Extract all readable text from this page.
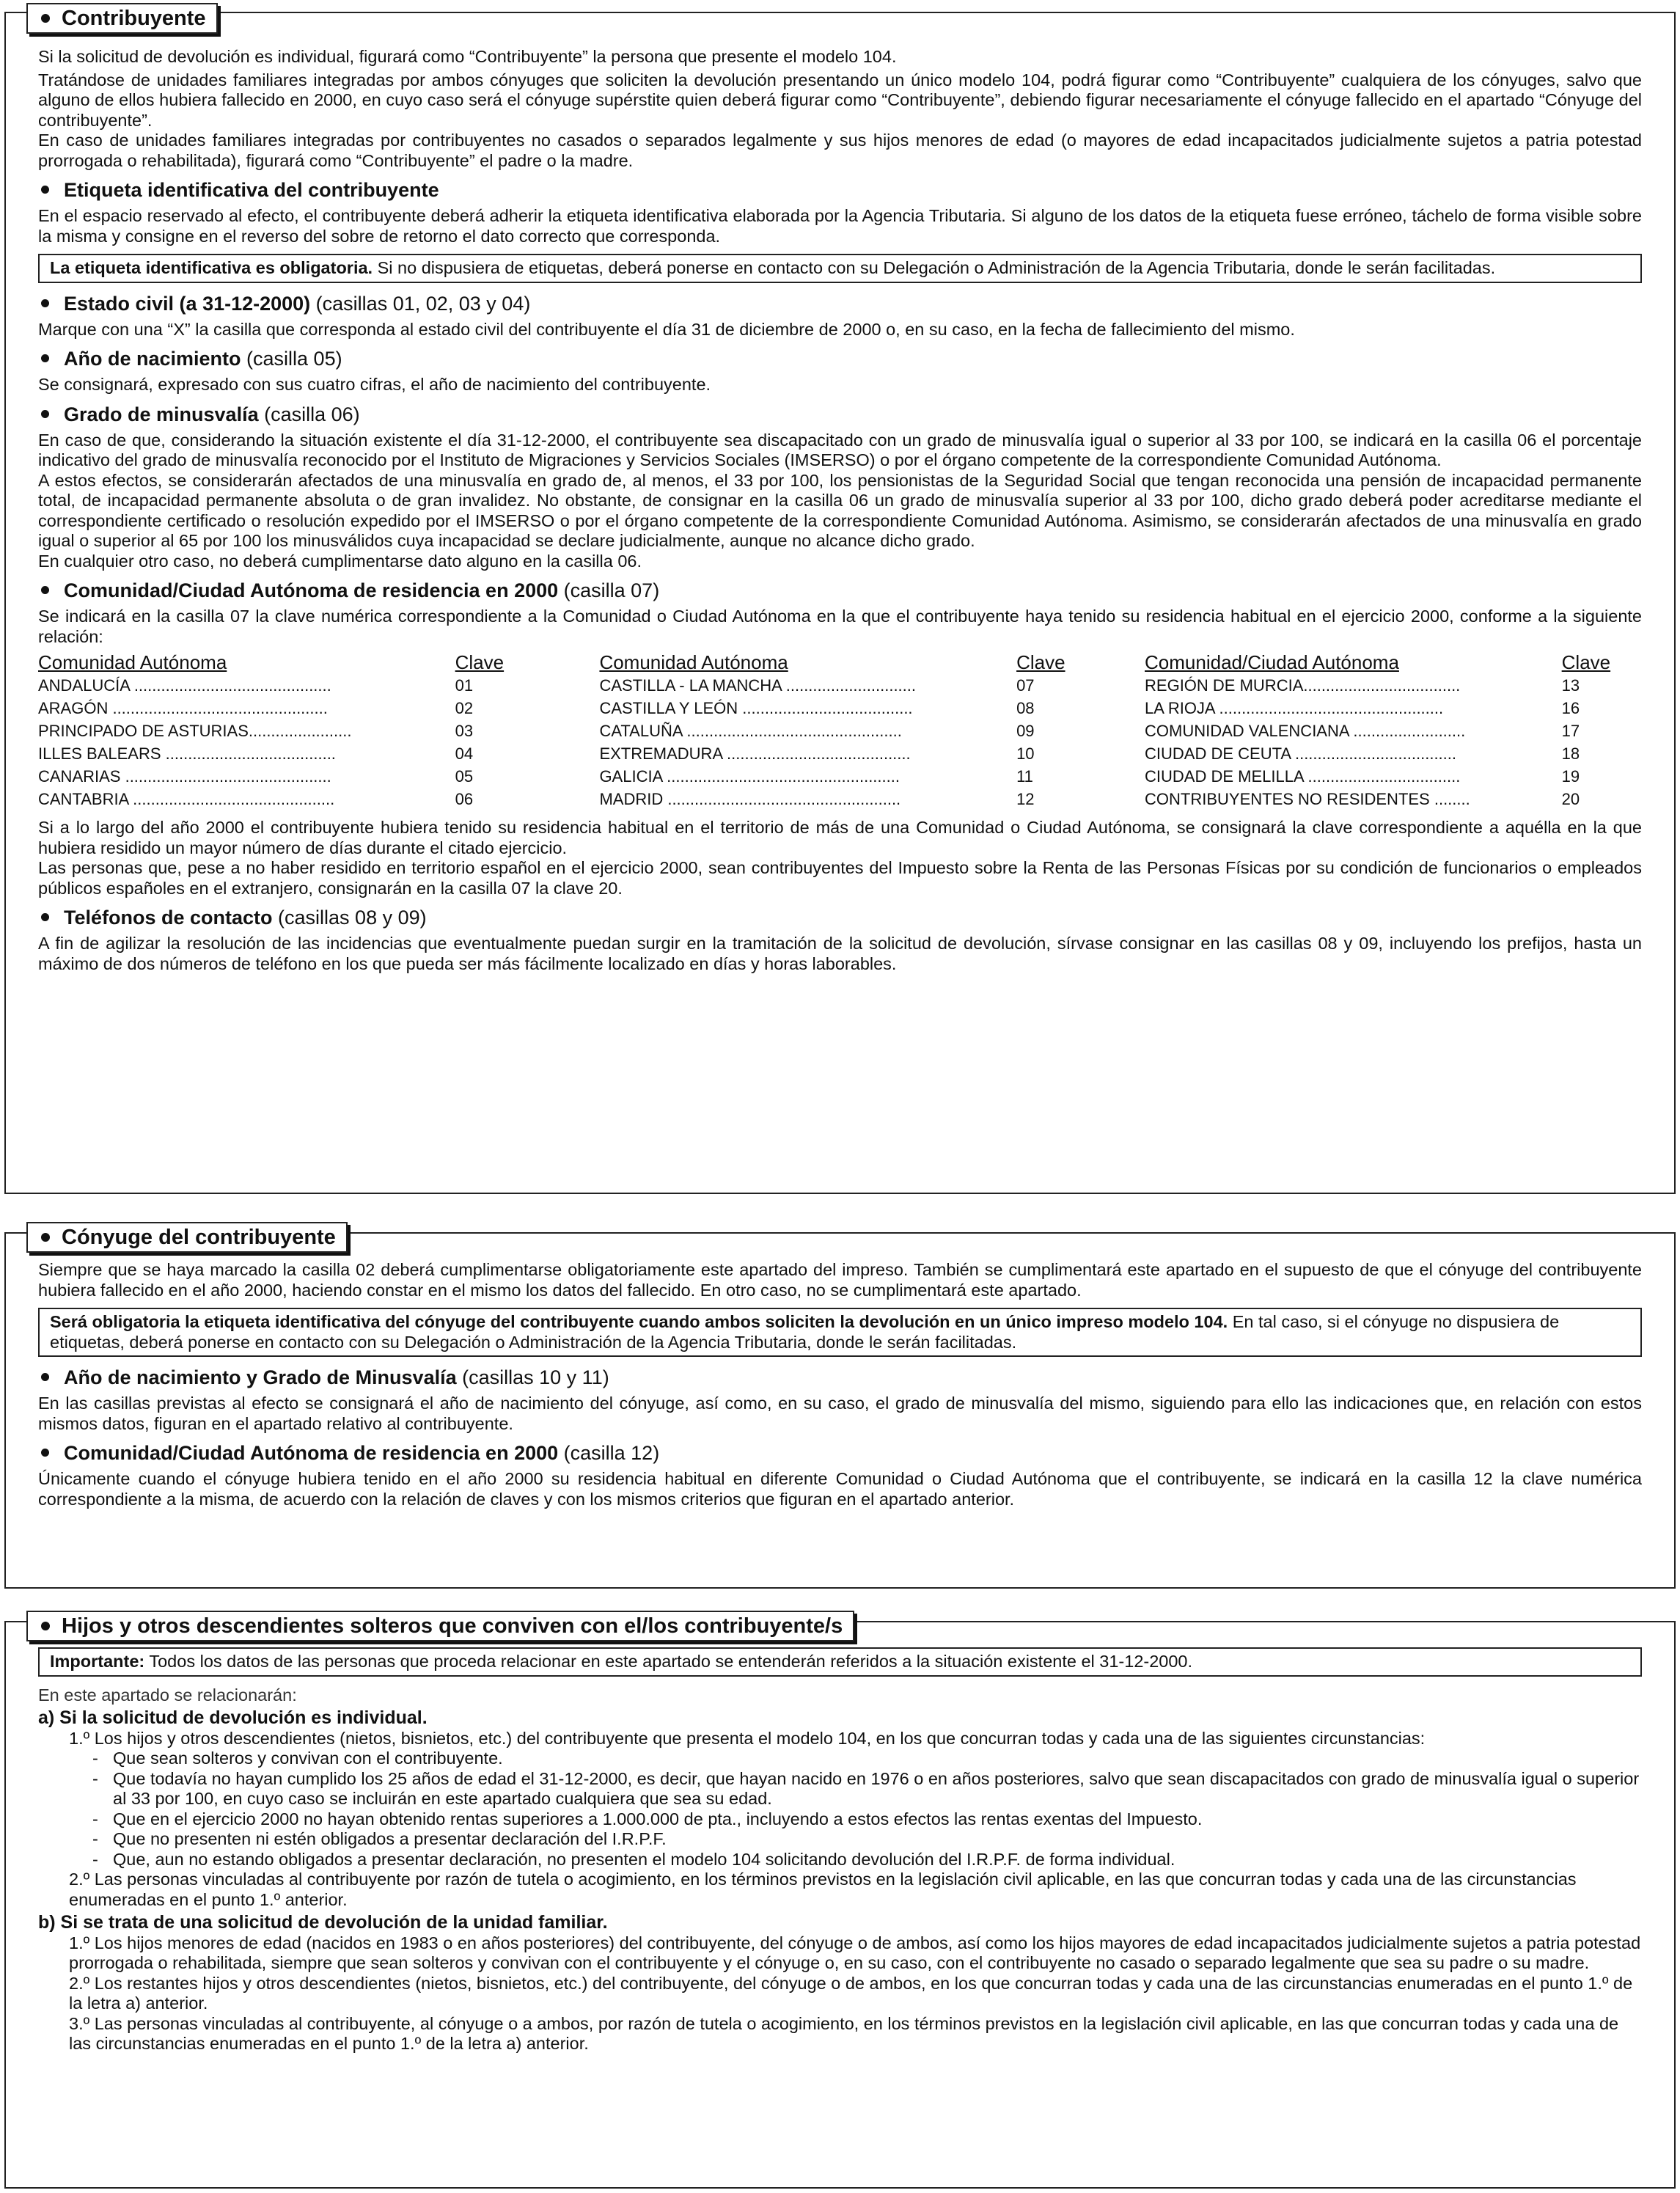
Contribuyente

Si la solicitud de devolución es individual, figurará como “Contribuyente” la persona que presente el modelo 104.

Tratándose de unidades familiares integradas por ambos cónyuges que soliciten la devolución presentando un único modelo 104, podrá figurar como “Contribuyente” cualquiera de los cónyuges, salvo que alguno de ellos hubiera fallecido en 2000, en cuyo caso será el cónyuge supérstite quien deberá figurar como “Contribuyente”, debiendo figurar necesariamente el cónyuge fallecido en el apartado “Cónyuge del contribuyente”.

En caso de unidades familiares integradas por contribuyentes no casados o separados legalmente y sus hijos menores de edad (o mayores de edad incapacitados judicialmente sujetos a patria potestad prorrogada o rehabilitada), figurará como “Contribuyente” el padre o la madre.

Etiqueta identificativa del contribuyente

En el espacio reservado al efecto, el contribuyente deberá adherir la etiqueta identificativa elaborada por la Agencia Tributaria. Si alguno de los datos de la etiqueta fuese erróneo, táchelo de forma visible sobre la misma y consigne en el reverso del sobre de retorno el dato correcto que corresponda.

La etiqueta identificativa es obligatoria. Si no dispusiera de etiquetas, deberá ponerse en contacto con su Delegación o Administración de la Agencia Tributaria, donde le serán facilitadas.
Estado civil (a 31-12-2000) (casillas 01, 02, 03 y 04)

Marque con una “X” la casilla que corresponda al estado civil del contribuyente el día 31 de diciembre de 2000 o, en su caso, en la fecha de fallecimiento del mismo.

Año de nacimiento (casilla 05)

Se consignará, expresado con sus cuatro cifras, el año de nacimiento del contribuyente.

Grado de minusvalía (casilla 06)

En caso de que, considerando la situación existente el día 31-12-2000, el contribuyente sea discapacitado con un grado de minusvalía igual o superior al 33 por 100, se indicará en la casilla 06 el porcentaje indicativo del grado de minusvalía reconocido por el Instituto de Migraciones y Servicios Sociales (IMSERSO) o por el órgano competente de la correspondiente Comunidad Autónoma.

A estos efectos, se considerarán afectados de una minusvalía en grado de, al menos, el 33 por 100, los pensionistas de la Seguridad Social que tengan reconocida una pensión de incapacidad permanente total, de incapacidad permanente absoluta o de gran invalidez. No obstante, de consignar en la casilla 06 un grado de minusvalía superior al 33 por 100, dicho grado deberá poder acreditarse mediante el correspondiente certificado o resolución expedido por el IMSERSO o por el órgano competente de la correspondiente Comunidad Autónoma. Asimismo, se considerarán afectados de una minusvalía en grado igual o superior al 65 por 100 los minusválidos cuya incapacidad se declare judicialmente, aunque no alcance dicho grado.

En cualquier otro caso, no deberá cumplimentarse dato alguno en la casilla 06.

Comunidad/Ciudad Autónoma de residencia en 2000 (casilla 07)

Se indicará en la casilla 07 la clave numérica correspondiente a la Comunidad o Ciudad Autónoma en la que el contribuyente haya tenido su residencia habitual en el ejercicio 2000, conforme a la siguiente relación:

Comunidad Autónoma	Clave		Comunidad Autónoma	Clave		Comunidad/Ciudad Autónoma	Clave
ANDALUCÍA ............................................	01		CASTILLA - LA MANCHA .............................	07		REGIÓN DE MURCIA...................................	13
ARAGÓN ................................................	02		CASTILLA Y LEÓN ......................................	08		LA RIOJA ..................................................	16
PRINCIPADO DE ASTURIAS.......................	03		CATALUÑA ................................................	09		COMUNIDAD VALENCIANA .........................	17
ILLES BALEARS ......................................	04		EXTREMADURA .........................................	10		CIUDAD DE CEUTA ....................................	18
CANARIAS ..............................................	05		GALICIA ....................................................	11		CIUDAD DE MELILLA ..................................	19
CANTABRIA .............................................	06		MADRID ....................................................	12		CONTRIBUYENTES NO RESIDENTES ........	20

Si a lo largo del año 2000 el contribuyente hubiera tenido su residencia habitual en el territorio de más de una Comunidad o Ciudad Autónoma, se consignará la clave correspondiente a aquélla en la que hubiera residido un mayor número de días durante el citado ejercicio.

Las personas que, pese a no haber residido en territorio español en el ejercicio 2000, sean contribuyentes del Impuesto sobre la Renta de las Personas Físicas por su condición de funcionarios o empleados públicos españoles en el extranjero, consignarán en la casilla 07 la clave 20.

Teléfonos de contacto (casillas 08 y 09)

A fin de agilizar la resolución de las incidencias que eventualmente puedan surgir en la tramitación de la solicitud de devolución, sírvase consignar en las casillas 08 y 09, incluyendo los prefijos, hasta un máximo de dos números de teléfono en los que pueda ser más fácilmente localizado en días y horas laborables.

Cónyuge del contribuyente

Siempre que se haya marcado la casilla 02 deberá cumplimentarse obligatoriamente este apartado del impreso. También se cumplimentará este apartado en el supuesto de que el cónyuge del contribuyente hubiera fallecido en el año 2000, haciendo constar en el mismo los datos del fallecido. En otro caso, no se cumplimentará este apartado.

Será obligatoria la etiqueta identificativa del cónyuge del contribuyente cuando ambos soliciten la devolución en un único impreso modelo 104. En tal caso, si el cónyuge no dispusiera de etiquetas, deberá ponerse en contacto con su Delegación o Administración de la Agencia Tributaria, donde le serán facilitadas.
Año de nacimiento y Grado de Minusvalía (casillas 10 y 11)

En las casillas previstas al efecto se consignará el año de nacimiento del cónyuge, así como, en su caso, el grado de minusvalía del mismo, siguiendo para ello las indicaciones que, en relación con estos mismos datos, figuran en el apartado relativo al contribuyente.

Comunidad/Ciudad Autónoma de residencia en 2000 (casilla 12)

Únicamente cuando el cónyuge hubiera tenido en el año 2000 su residencia habitual en diferente Comunidad o Ciudad Autónoma que el contribuyente, se indicará en la casilla 12 la clave numérica correspondiente a la misma, de acuerdo con la relación de claves y con los mismos criterios que figuran en el apartado anterior.

Hijos y otros descendientes solteros que conviven con el/los contribuyente/s
Importante: Todos los datos de las personas que proceda relacionar en este apartado se entenderán referidos a la situación existente el 31-12-2000.

En este apartado se relacionarán:

a) Si la solicitud de devolución es individual.
1.º Los hijos y otros descendientes (nietos, bisnietos, etc.) del contribuyente que presenta el modelo 104, en los que concurran todas y cada una de las siguientes circunstancias:
- Que sean solteros y convivan con el contribuyente.
- Que todavía no hayan cumplido los 25 años de edad el 31-12-2000, es decir, que hayan nacido en 1976 o en años posteriores, salvo que sean discapacitados con grado de minusvalía igual o superior al 33 por 100, en cuyo caso se incluirán en este apartado cualquiera que sea su edad.
- Que en el ejercicio 2000 no hayan obtenido rentas superiores a 1.000.000 de pta., incluyendo a estos efectos las rentas exentas del Impuesto.
- Que no presenten ni estén obligados a presentar declaración del I.R.P.F.
- Que, aun no estando obligados a presentar declaración, no presenten el modelo 104 solicitando devolución del I.R.P.F. de forma individual.
2.º Las personas vinculadas al contribuyente por razón de tutela o acogimiento, en los términos previstos en la legislación civil aplicable, en las que concurran todas y cada una de las circunstancias enumeradas en el punto 1.º anterior.
b) Si se trata de una solicitud de devolución de la unidad familiar.
1.º Los hijos menores de edad (nacidos en 1983 o en años posteriores) del contribuyente, del cónyuge o de ambos, así como los hijos mayores de edad incapacitados judicialmente sujetos a patria potestad prorrogada o rehabilitada, siempre que sean solteros y convivan con el contribuyente y el cónyuge o, en su caso, con el contribuyente no casado o separado legalmente que sea su padre o su madre.
2.º Los restantes hijos y otros descendientes (nietos, bisnietos, etc.) del contribuyente, del cónyuge o de ambos, en los que concurran todas y cada una de las circunstancias enumeradas en el punto 1.º de la letra a) anterior.
3.º Las personas vinculadas al contribuyente, al cónyuge o a ambos, por razón de tutela o acogimiento, en los términos previstos en la legislación civil aplicable, en las que concurran todas y cada una de las circunstancias enumeradas en el punto 1.º de la letra a) anterior.
